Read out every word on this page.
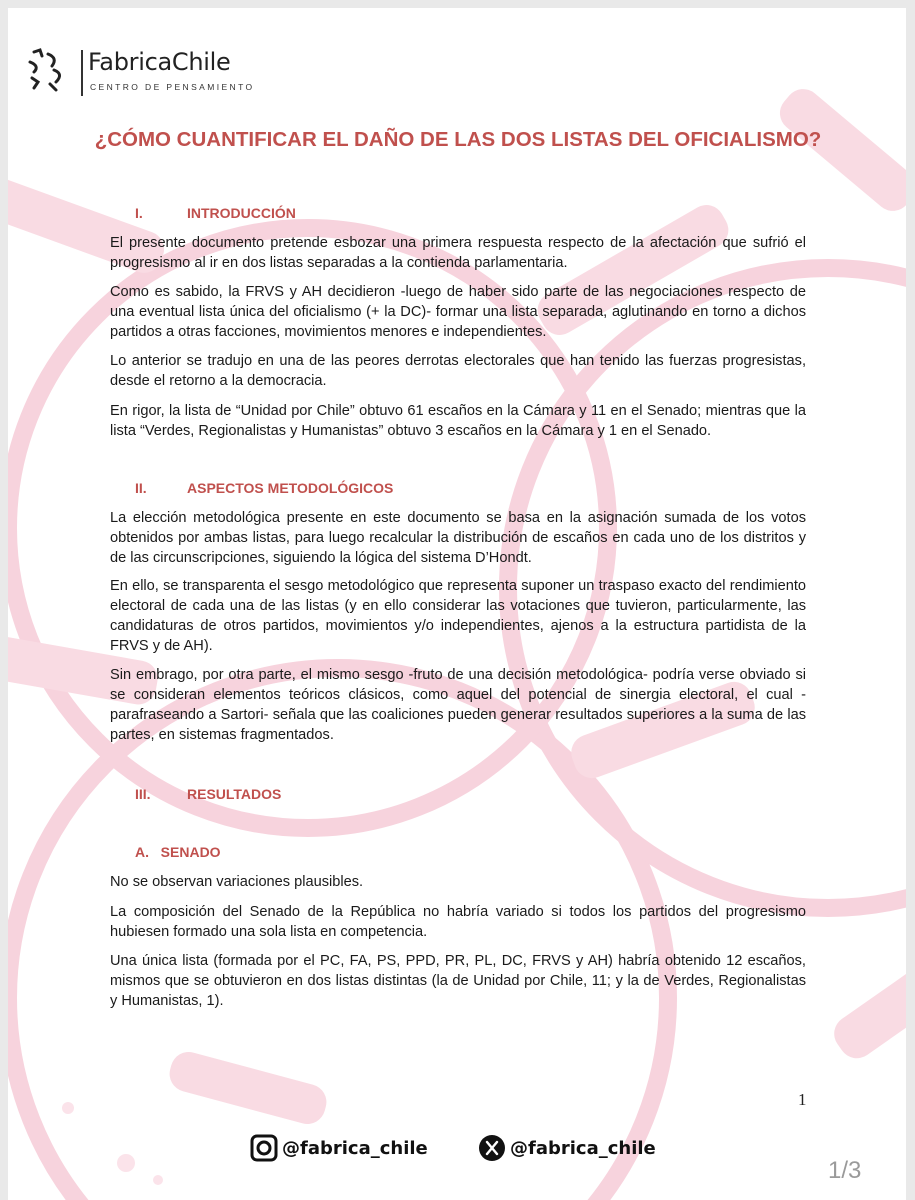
FabricaChile
CENTRO DE PENSAMIENTO
¿CÓMO CUANTIFICAR EL DAÑO DE LAS DOS LISTAS DEL OFICIALISMO?
I.	INTRODUCCIÓN
El presente documento pretende esbozar una primera respuesta respecto de la afectación que sufrió el progresismo al ir en dos listas separadas a la contienda parlamentaria.
Como es sabido, la FRVS y AH decidieron -luego de haber sido parte de las negociaciones respecto de una eventual lista única del oficialismo (+ la DC)- formar una lista separada, aglutinando en torno a dichos partidos a otras facciones, movimientos menores e independientes.
Lo anterior se tradujo en una de las peores derrotas electorales que han tenido las fuerzas progresistas, desde el retorno a la democracia.
En rigor, la lista de “Unidad por Chile” obtuvo 61 escaños en la Cámara y 11 en el Senado; mientras que la lista “Verdes, Regionalistas y Humanistas” obtuvo 3 escaños en la Cámara y 1 en el Senado.
II.	ASPECTOS METODOLÓGICOS
La elección metodológica presente en este documento se basa en la asignación sumada de los votos obtenidos por ambas listas, para luego recalcular la distribución de escaños en cada uno de los distritos y de las circunscripciones, siguiendo la lógica del sistema D’Hondt.
En ello, se transparenta el sesgo metodológico que representa suponer un traspaso exacto del rendimiento electoral de cada una de las listas (y en ello considerar las votaciones que tuvieron, particularmente, las candidaturas de otros partidos, movimientos y/o independientes, ajenos a la estructura partidista de la FRVS y de AH).
Sin embrago, por otra parte, el mismo sesgo -fruto de una decisión metodológica- podría verse obviado si se consideran elementos teóricos clásicos, como aquel del potencial de sinergia electoral, el cual -parafraseando a Sartori- señala que las coaliciones pueden generar resultados superiores a la suma de las partes, en sistemas fragmentados.
III.	RESULTADOS
A.   SENADO
No se observan variaciones plausibles.
La composición del Senado de la República no habría variado si todos los partidos del progresismo hubiesen formado una sola lista en competencia.
Una única lista (formada por el PC, FA, PS, PPD, PR, PL, DC, FRVS y AH) habría obtenido 12 escaños, mismos que se obtuvieron en dos listas distintas (la de Unidad por Chile, 11; y la de Verdes, Regionalistas y Humanistas, 1).
1
@fabrica_chile	@fabrica_chile
1/3
